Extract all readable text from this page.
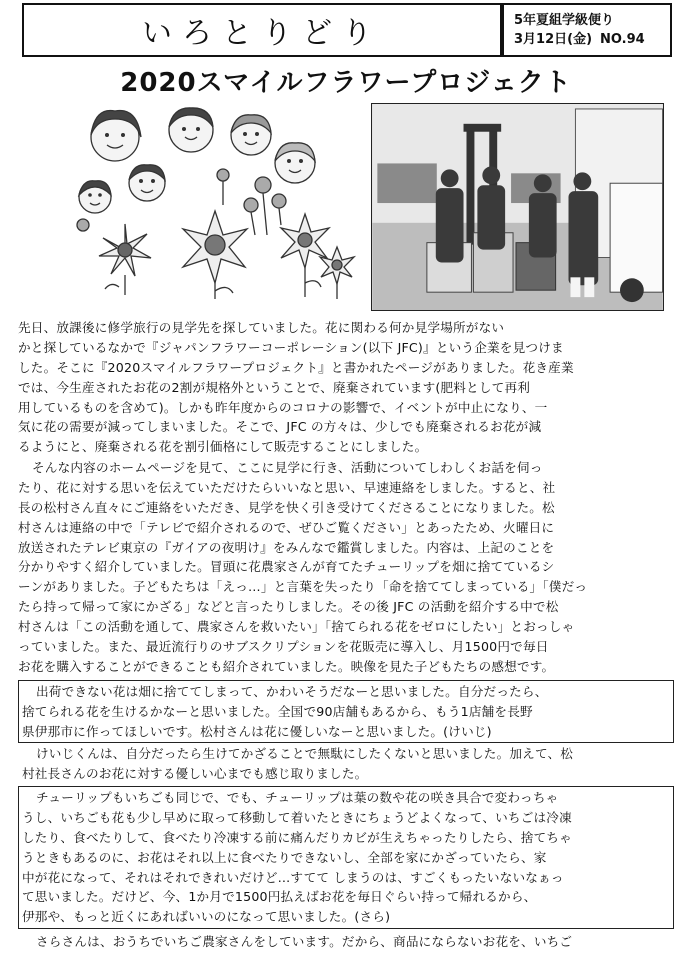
いろとりどり	5年夏組学級便り
3月12日(金) NO.94
2020スマイルフラワープロジェクト
先日、放課後に修学旅行の見学先を探していました。花に関わる何か見学場所がない
かと探しているなかで『ジャパンフラワーコーポレーション(以下 JFC)』という企業を見つけま
した。そこに『2020スマイルフラワープロジェクト』と書かれたページがありました。花き産業
では、今生産されたお花の2割が規格外ということで、廃棄されています(肥料として再利
用しているものを含めて)。しかも昨年度からのコロナの影響で、イベントが中止になり、一
気に花の需要が減ってしまいました。そこで、JFC の方々は、少しでも廃棄されるお花が減
るようにと、廃棄される花を割引価格にして販売することにしました。
そんな内容のホームページを見て、ここに見学に行き、活動についてしわしくお話を伺っ
たり、花に対する思いを伝えていただけたらいいなと思い、早速連絡をしました。すると、社
長の松村さん直々にご連絡をいただき、見学を快く引き受けてくださることになりました。松
村さんは連絡の中で「テレビで紹介されるので、ぜひご覧ください」とあったため、火曜日に
放送されたテレビ東京の『ガイアの夜明け』をみんなで鑑賞しました。内容は、上記のことを
分かりやすく紹介していました。冒頭に花農家さんが育てたチューリップを畑に捨てているシ
ーンがありました。子どもたちは「えっ…」と言葉を失ったり「命を捨ててしまっている」「僕だっ
たら持って帰って家にかざる」などと言ったりしました。その後 JFC の活動を紹介する中で松
村さんは「この活動を通して、農家さんを救いたい」「捨てられる花をゼロにしたい」とおっしゃ
っていました。また、最近流行りのサブスクリプションを花販売に導入し、月1500円で毎日
お花を購入することができることも紹介されていました。映像を見た子どもたちの感想です。
出荷できない花は畑に捨ててしまって、かわいそうだなーと思いました。自分だったら、
捨てられる花を生けるかなーと思いました。全国で90店舗もあるから、もう1店舗を長野
県伊那市に作ってほしいです。松村さんは花に優しいなーと思いました。(けいじ)
けいじくんは、自分だったら生けてかざることで無駄にしたくないと思いました。加えて、松
村社長さんのお花に対する優しい心までも感じ取りました。
チューリップもいちごも同じで、でも、チューリップは葉の数や花の咲き具合で変わっちゃ
うし、いちごも花も少し早めに取って移動して着いたときにちょうどよくなって、いちごは冷凍
したり、食べたりして、食べたり冷凍する前に痛んだりカビが生えちゃったりしたら、捨てちゃ
うときもあるのに、お花はそれ以上に食べたりできないし、全部を家にかざっていたら、家
中が花になって、それはそれできれいだけど…すてて しまうのは、すごくもったいないなぁっ
て思いました。だけど、今、1か月で1500円払えばお花を毎日ぐらい持って帰れるから、
伊那や、もっと近くにあればいいのになって思いました。(さら)
さらさんは、おうちでいちご農家さんをしています。だから、商品にならないお花を、いちご
